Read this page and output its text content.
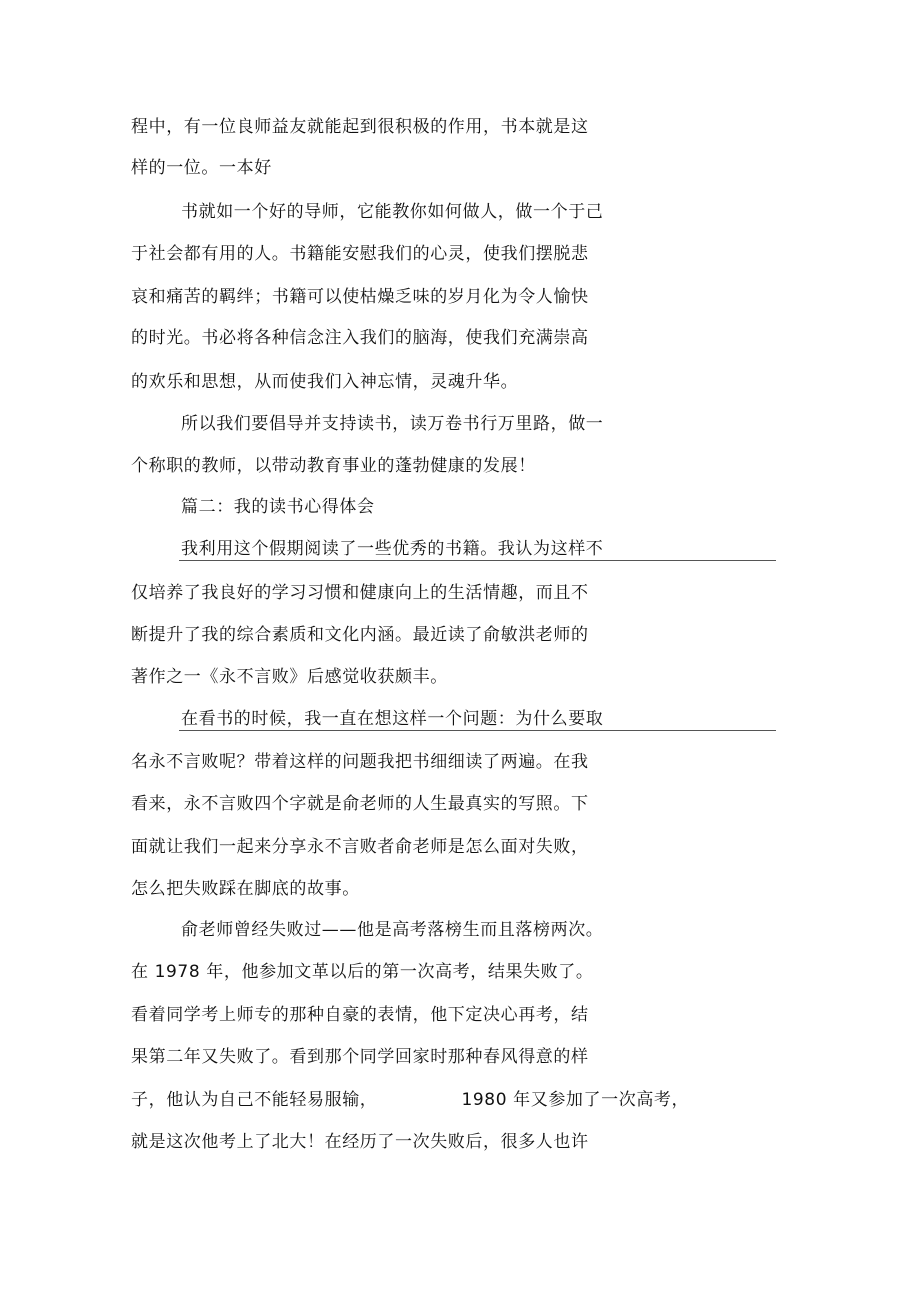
程中，有一位良师益友就能起到很积极的作用，书本就是这
样的一位。一本好
书就如一个好的导师，它能教你如何做人，做一个于己
于社会都有用的人。书籍能安慰我们的心灵，使我们摆脱悲
哀和痛苦的羁绊；书籍可以使枯燥乏味的岁月化为令人愉快
的时光。书必将各种信念注入我们的脑海，使我们充满崇高
的欢乐和思想，从而使我们入神忘情，灵魂升华。
所以我们要倡导并支持读书，读万卷书行万里路，做一
个称职的教师，以带动教育事业的蓬勃健康的发展！
篇二：我的读书心得体会
我利用这个假期阅读了一些优秀的书籍。我认为这样不
仅培养了我良好的学习习惯和健康向上的生活情趣，而且不
断提升了我的综合素质和文化内涵。最近读了俞敏洪老师的
著作之一《永不言败》后感觉收获颇丰。
在看书的时候，我一直在想这样一个问题：为什么要取
名永不言败呢？带着这样的问题我把书细细读了两遍。在我
看来，永不言败四个字就是俞老师的人生最真实的写照。下
面就让我们一起来分享永不言败者俞老师是怎么面对失败，
怎么把失败踩在脚底的故事。
俞老师曾经失败过——他是高考落榜生而且落榜两次。
在 1978 年，他参加文革以后的第一次高考，结果失败了。
看着同学考上师专的那种自豪的表情，他下定决心再考，结
果第二年又失败了。看到那个同学回家时那种春风得意的样
子，他认为自己不能轻易服输，              1980 年又参加了一次高考，
就是这次他考上了北大！在经历了一次失败后，很多人也许
